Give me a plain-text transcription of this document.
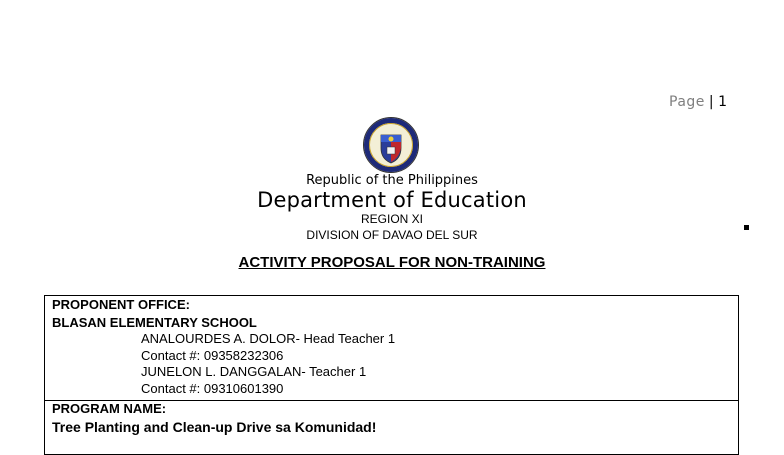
Page | 1
Republic of the Philippines
Department of Education
REGION XI
DIVISION OF DAVAO DEL SUR
ACTIVITY PROPOSAL FOR NON-TRAINING
PROPONENT OFFICE:
BLASAN ELEMENTARY SCHOOL
ANALOURDES A. DOLOR- Head Teacher 1
Contact #: 09358232306
JUNELON L. DANGGALAN- Teacher 1
Contact #: 09310601390
PROGRAM NAME:
Tree Planting and Clean-up Drive sa Komunidad!
